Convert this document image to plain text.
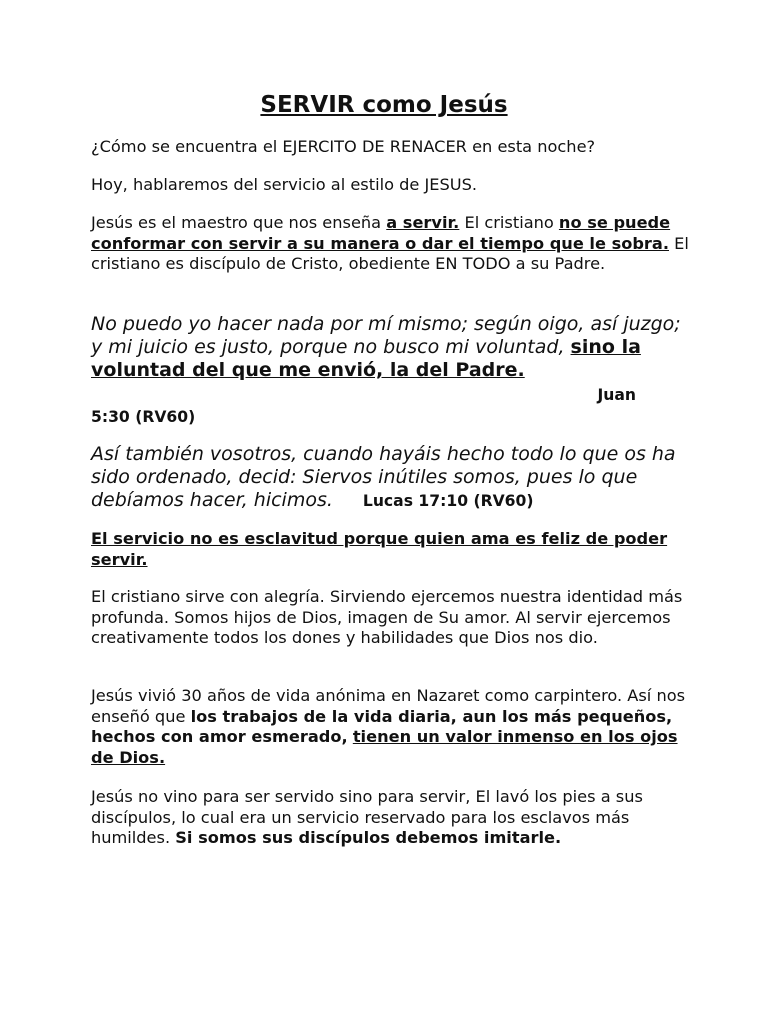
SERVIR como Jesús

¿Cómo se encuentra el EJERCITO DE RENACER en esta noche?

Hoy, hablaremos del servicio al estilo de JESUS.

Jesús es el maestro que nos enseña a servir. El cristiano no se puede conformar con servir a su manera o dar el tiempo que le sobra. El cristiano es discípulo de Cristo, obediente EN TODO a su Padre.

No puedo yo hacer nada por mí mismo; según oigo, así juzgo; y mi juicio es justo, porque no busco mi voluntad, sino la voluntad del que me envió, la del Padre.

Juan
5:30 (RV60)

Así también vosotros, cuando hayáis hecho todo lo que os ha sido ordenado, decid: Siervos inútiles somos, pues lo que debíamos hacer, hicimos. Lucas 17:10 (RV60)

El servicio no es esclavitud porque quien ama es feliz de poder servir.

El cristiano sirve con alegría. Sirviendo ejercemos nuestra identidad más profunda. Somos hijos de Dios, imagen de Su amor. Al servir ejercemos creativamente todos los dones y habilidades que Dios nos dio.

Jesús vivió 30 años de vida anónima en Nazaret como carpintero. Así nos enseñó que los trabajos de la vida diaria, aun los más pequeños, hechos con amor esmerado, tienen un valor inmenso en los ojos de Dios.

Jesús no vino para ser servido sino para servir, El lavó los pies a sus discípulos, lo cual era un servicio reservado para los esclavos más humildes. Si somos sus discípulos debemos imitarle.
